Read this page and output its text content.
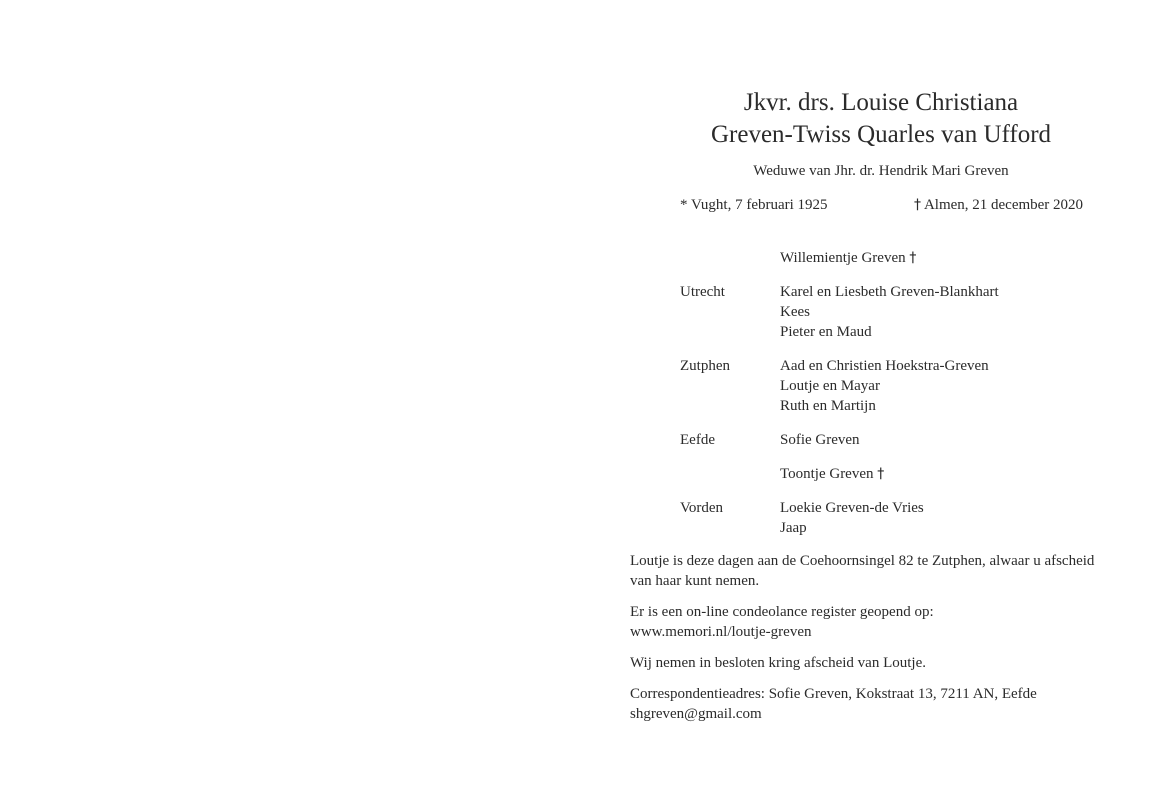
Jkvr. drs. Louise Christiana
Greven-Twiss Quarles van Ufford
Weduwe van Jhr. dr. Hendrik Mari Greven
* Vught, 7 februari 1925	† Almen, 21 december 2020
Willemientje Greven †
Utrecht	Karel en Liesbeth Greven-Blankhart
Kees
Pieter en Maud
Zutphen	Aad en Christien Hoekstra-Greven
Loutje en Mayar
Ruth en Martijn
Eefde	Sofie Greven
Toontje Greven †
Vorden	Loekie Greven-de Vries
Jaap

Loutje is deze dagen aan de Coehoornsingel 82 te Zutphen, alwaar u afscheid
van haar kunt nemen.

Er is een on-line condeolance register geopend op:
www.memori.nl/loutje-greven

Wij nemen in besloten kring afscheid van Loutje.

Correspondentieadres: Sofie Greven, Kokstraat 13, 7211 AN, Eefde
shgreven@gmail.com
